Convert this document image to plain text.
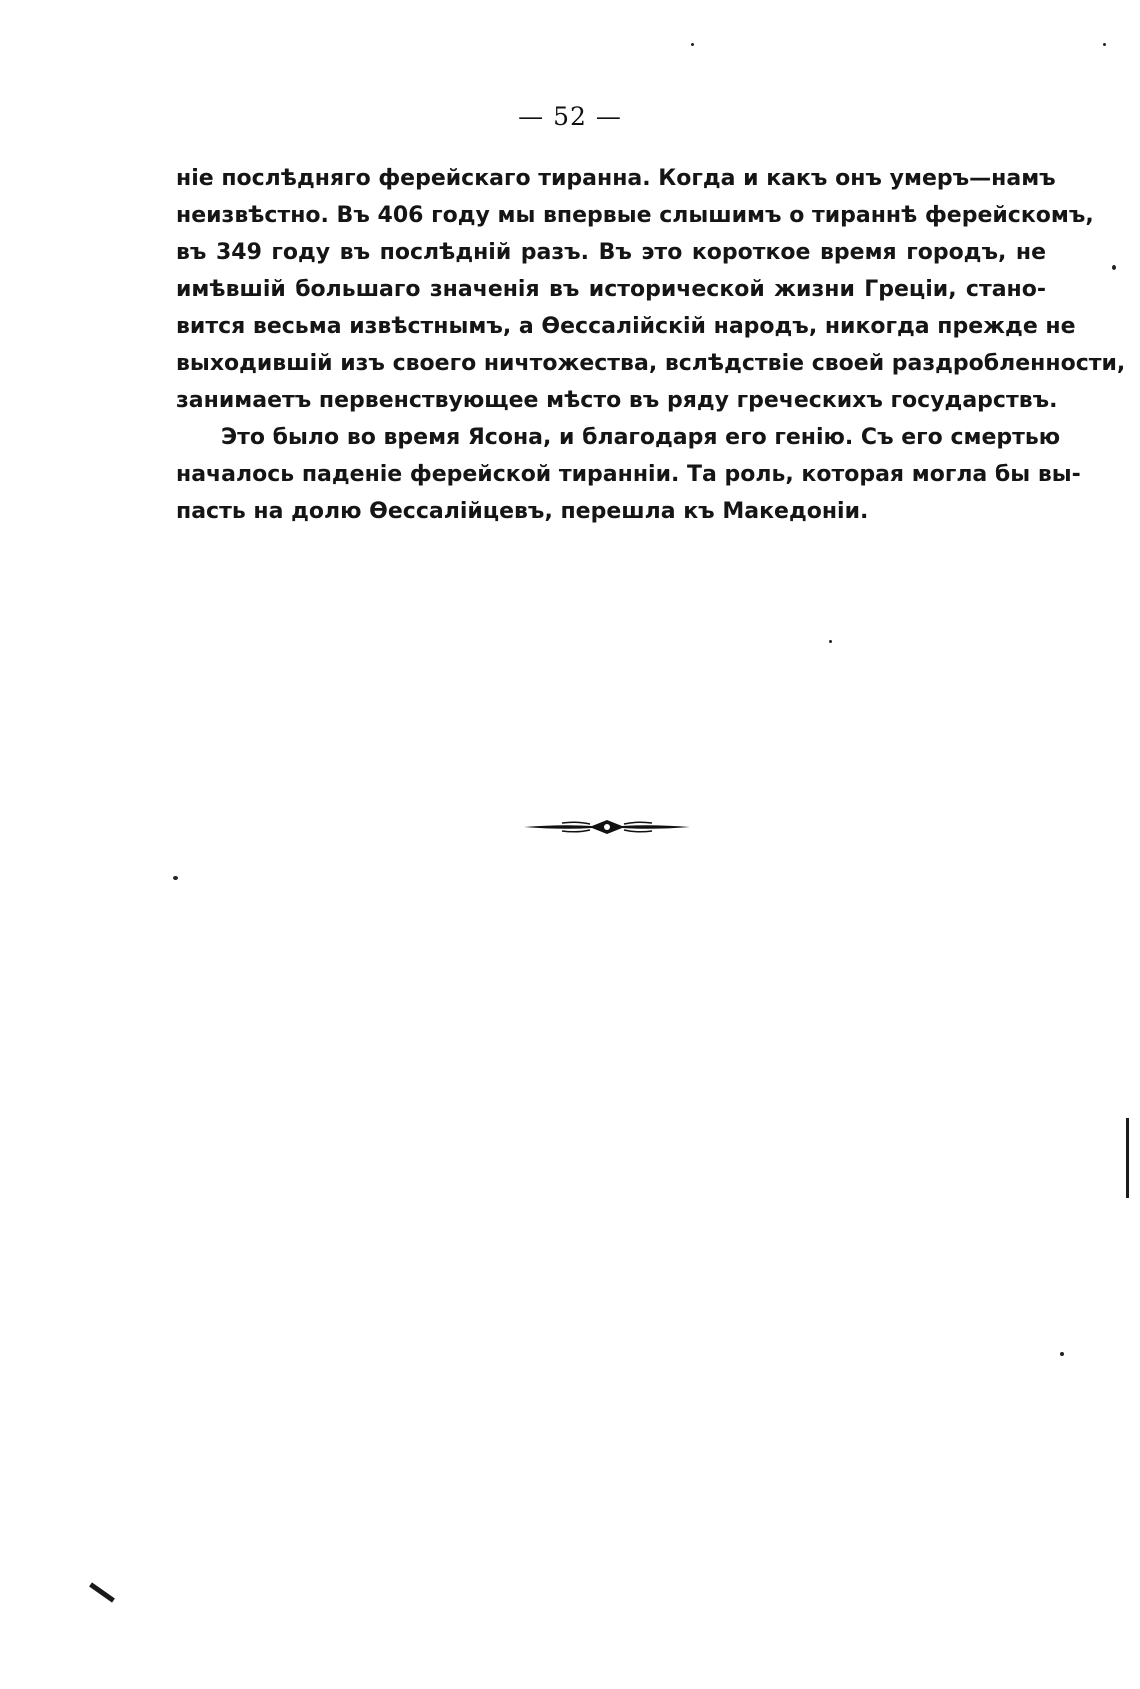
— 52 —
ніе послѣдняго ферейскаго тиранна. Когда и какъ онъ умеръ—намъ
неизвѣстно. Въ 406 году мы впервые слышимъ о тираннѣ ферейскомъ,
въ 349 году въ послѣдній разъ. Въ это короткое время городъ, не
имѣвшій большаго значенія въ исторической жизни Греціи, стано-
вится весьма извѣстнымъ, а Өессалійскій народъ, никогда прежде не
выходившій изъ своего ничтожества, вслѣдствіе своей раздробленности,
занимаетъ первенствующее мѣсто въ ряду греческихъ государствъ.
Это было во время Ясона, и благодаря его генію. Съ его смертью
началось паденіе ферейской тиранніи. Та роль, которая могла бы вы-
пасть на долю Өессалійцевъ, перешла къ Македоніи.
